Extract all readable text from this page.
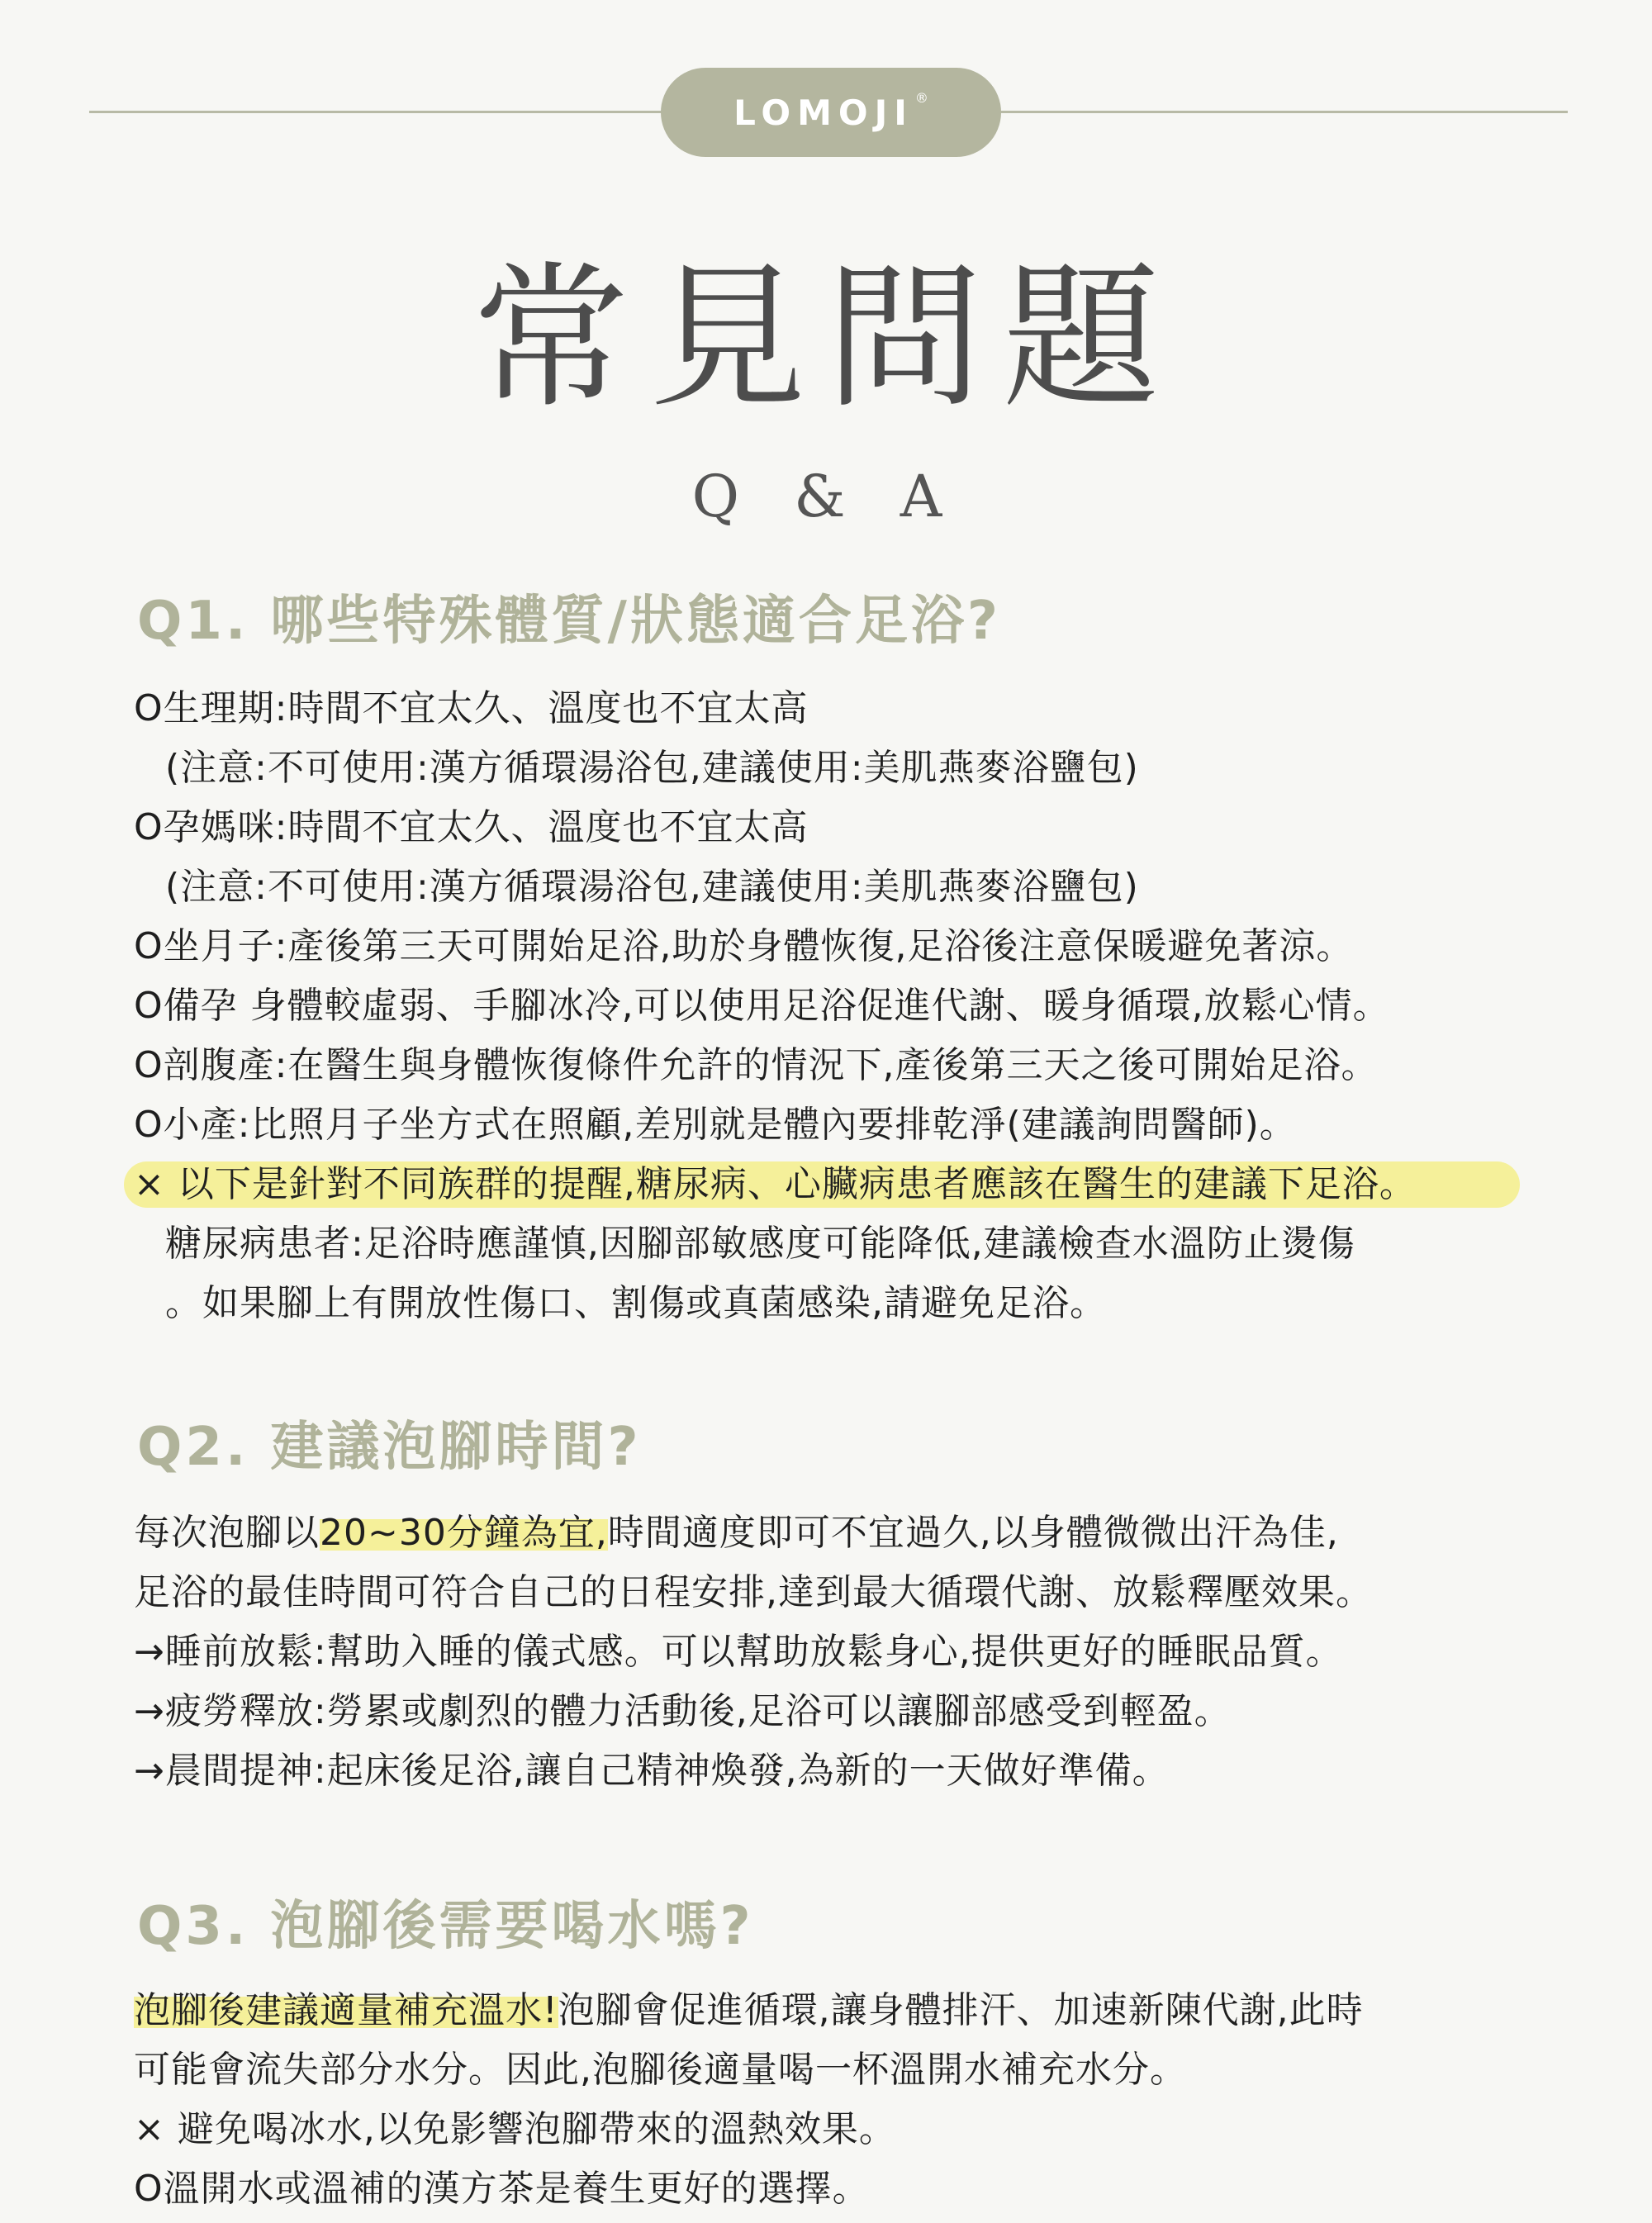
LOMOJI ®
常見問題
Q & A
Q1. 哪些特殊體質/狀態適合足浴?
O生理期:時間不宜太久、溫度也不宜太高
(注意:不可使用:漢方循環湯浴包,建議使用:美肌燕麥浴鹽包)
O孕媽咪:時間不宜太久、溫度也不宜太高
(注意:不可使用:漢方循環湯浴包,建議使用:美肌燕麥浴鹽包)
O坐月子:產後第三天可開始足浴,助於身體恢復,足浴後注意保暖避免著涼。
O備孕 身體較虛弱、手腳冰冷,可以使用足浴促進代謝、暖身循環,放鬆心情。
O剖腹產:在醫生與身體恢復條件允許的情況下,產後第三天之後可開始足浴。
O小產:比照月子坐方式在照顧,差別就是體內要排乾淨(建議詢問醫師)。
× 以下是針對不同族群的提醒,糖尿病、心臟病患者應該在醫生的建議下足浴。
糖尿病患者:足浴時應謹慎,因腳部敏感度可能降低,建議檢查水溫防止燙傷
。如果腳上有開放性傷口、割傷或真菌感染,請避免足浴。
Q2. 建議泡腳時間?
每次泡腳以20~30分鐘為宜,時間適度即可不宜過久,以身體微微出汗為佳,
足浴的最佳時間可符合自己的日程安排,達到最大循環代謝、放鬆釋壓效果。
→睡前放鬆:幫助入睡的儀式感。可以幫助放鬆身心,提供更好的睡眠品質。
→疲勞釋放:勞累或劇烈的體力活動後,足浴可以讓腳部感受到輕盈。
→晨間提神:起床後足浴,讓自己精神煥發,為新的一天做好準備。
Q3. 泡腳後需要喝水嗎?
泡腳後建議適量補充溫水!泡腳會促進循環,讓身體排汗、加速新陳代謝,此時
可能會流失部分水分。因此,泡腳後適量喝一杯溫開水補充水分。
× 避免喝冰水,以免影響泡腳帶來的溫熱效果。
O溫開水或溫補的漢方茶是養生更好的選擇。
